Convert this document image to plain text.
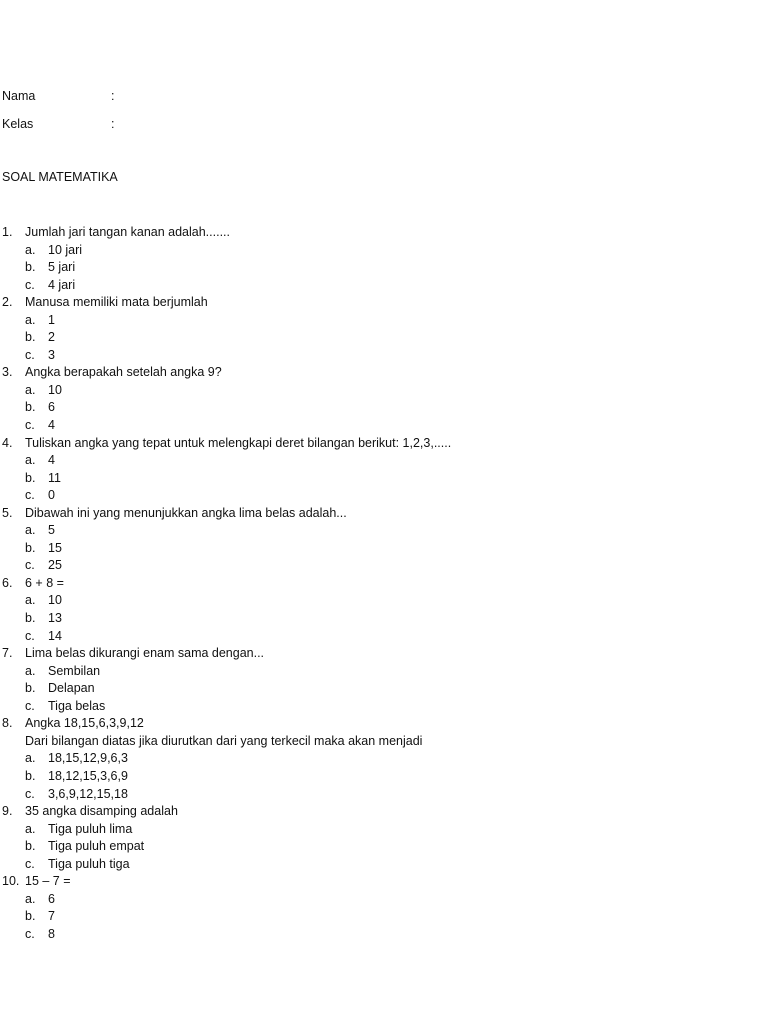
Nama	:
Kelas	:
SOAL MATEMATIKA
1. Jumlah jari tangan kanan adalah.......
a. 10 jari
b. 5 jari
c. 4 jari
2. Manusa memiliki mata berjumlah
a. 1
b. 2
c. 3
3. Angka berapakah setelah angka 9?
a. 10
b. 6
c. 4
4. Tuliskan angka yang tepat untuk melengkapi deret bilangan berikut: 1,2,3,.....
a. 4
b. 11
c. 0
5. Dibawah ini yang menunjukkan angka lima belas adalah...
a. 5
b. 15
c. 25
6. 6 + 8 =
a. 10
b. 13
c. 14
7. Lima belas dikurangi enam sama dengan...
a. Sembilan
b. Delapan
c. Tiga belas
8. Angka 18,15,6,3,9,12
Dari bilangan diatas jika diurutkan dari yang terkecil maka akan menjadi
a. 18,15,12,9,6,3
b. 18,12,15,3,6,9
c. 3,6,9,12,15,18
9. 35 angka disamping adalah
a. Tiga puluh lima
b. Tiga puluh empat
c. Tiga puluh tiga
10. 15 – 7 =
a. 6
b. 7
c. 8
